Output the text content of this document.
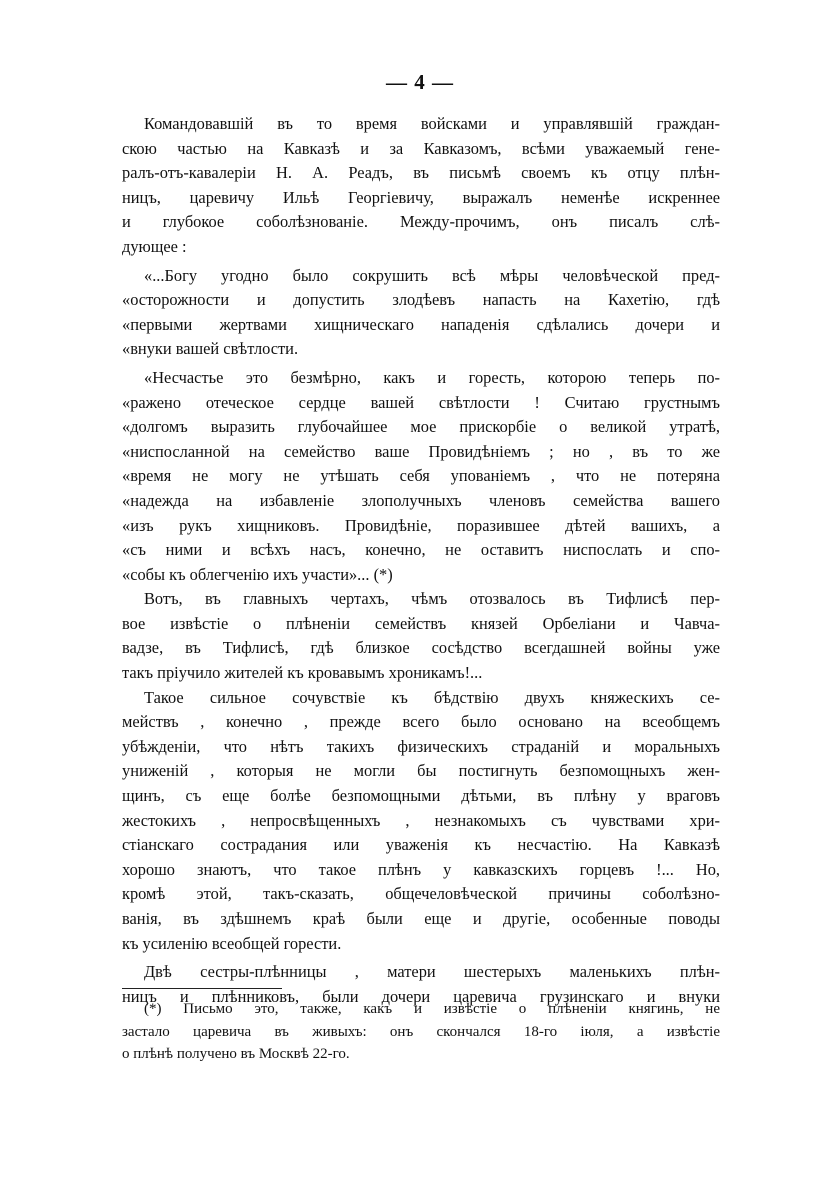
— 4 —
Командовавшій въ то время войсками и управлявшій граждан-
скою частью на Кавказѣ и за Кавказомъ, всѣми уважаемый гене-
ралъ-отъ-кавалеріи Н. А. Реадъ, въ письмѣ своемъ къ отцу плѣн-
ницъ, царевичу Ильѣ Георгіевичу, выражалъ неменѣе искреннее
и глубокое соболѣзнованіе. Между-прочимъ, онъ писалъ слѣ-
дующее :
«...Богу угодно было сокрушить всѣ мѣры человѣческой пред-
«осторожности и допустить злодѣевъ напасть на Кахетію, гдѣ
«первыми жертвами хищническаго нападенія сдѣлались дочери и
«внуки вашей свѣтлости.
«Несчастье это безмѣрно, какъ и горесть, которою теперь по-
«ражено отеческое сердце вашей свѣтлости ! Считаю грустнымъ
«долгомъ выразить глубочайшее мое прискорбіе о великой утратѣ,
«ниспосланной на семейство ваше Провидѣніемъ ; но , въ то же
«время не могу не утѣшать себя упованіемъ , что не потеряна
«надежда на избавленіе злополучныхъ членовъ семейства вашего
«изъ рукъ хищниковъ. Провидѣніе, поразившее дѣтей вашихъ, а
«съ ними и всѣхъ насъ, конечно, не оставитъ ниспослать и спо-
«собы къ облегченію ихъ участи»... (*)
Вотъ, въ главныхъ чертахъ, чѣмъ отозвалось въ Тифлисѣ пер-
вое извѣстіе о плѣненіи семействъ князей Орбеліани и Чавча-
вадзе, въ Тифлисѣ, гдѣ близкое сосѣдство всегдашней войны уже
такъ пріучило жителей къ кровавымъ хроникамъ!...
Такое сильное сочувствіе къ бѣдствію двухъ княжескихъ се-
мействъ , конечно , прежде всего было основано на всеобщемъ
убѣжденіи, что нѣтъ такихъ физическихъ страданій и моральныхъ
униженій , которыя не могли бы постигнуть безпомощныхъ жен-
щинъ, съ еще болѣе безпомощными дѣтьми, въ плѣну у враговъ
жестокихъ , непросвѣщенныхъ , незнакомыхъ съ чувствами хри-
стіанскаго сострадания или уваженія къ несчастію. На Кавказѣ
хорошо знаютъ, что такое плѣнъ у кавказскихъ горцевъ !... Но,
кромѣ этой, такъ-сказать, общечеловѣческой причины соболѣзно-
ванія, въ здѣшнемъ краѣ были еще и другіе, особенные поводы
къ усиленію всеобщей горести.
Двѣ сестры-плѣнницы , матери шестерыхъ маленькихъ плѣн-
ницъ и плѣнниковъ, были дочери царевича грузинскаго и внуки
(*) Письмо это, также, какъ и извѣстіе о плѣненіи княгинь, не
застало царевича въ живыхъ: онъ скончался 18-го іюля, а извѣстіе
о плѣнѣ получено въ Москвѣ 22-го.
